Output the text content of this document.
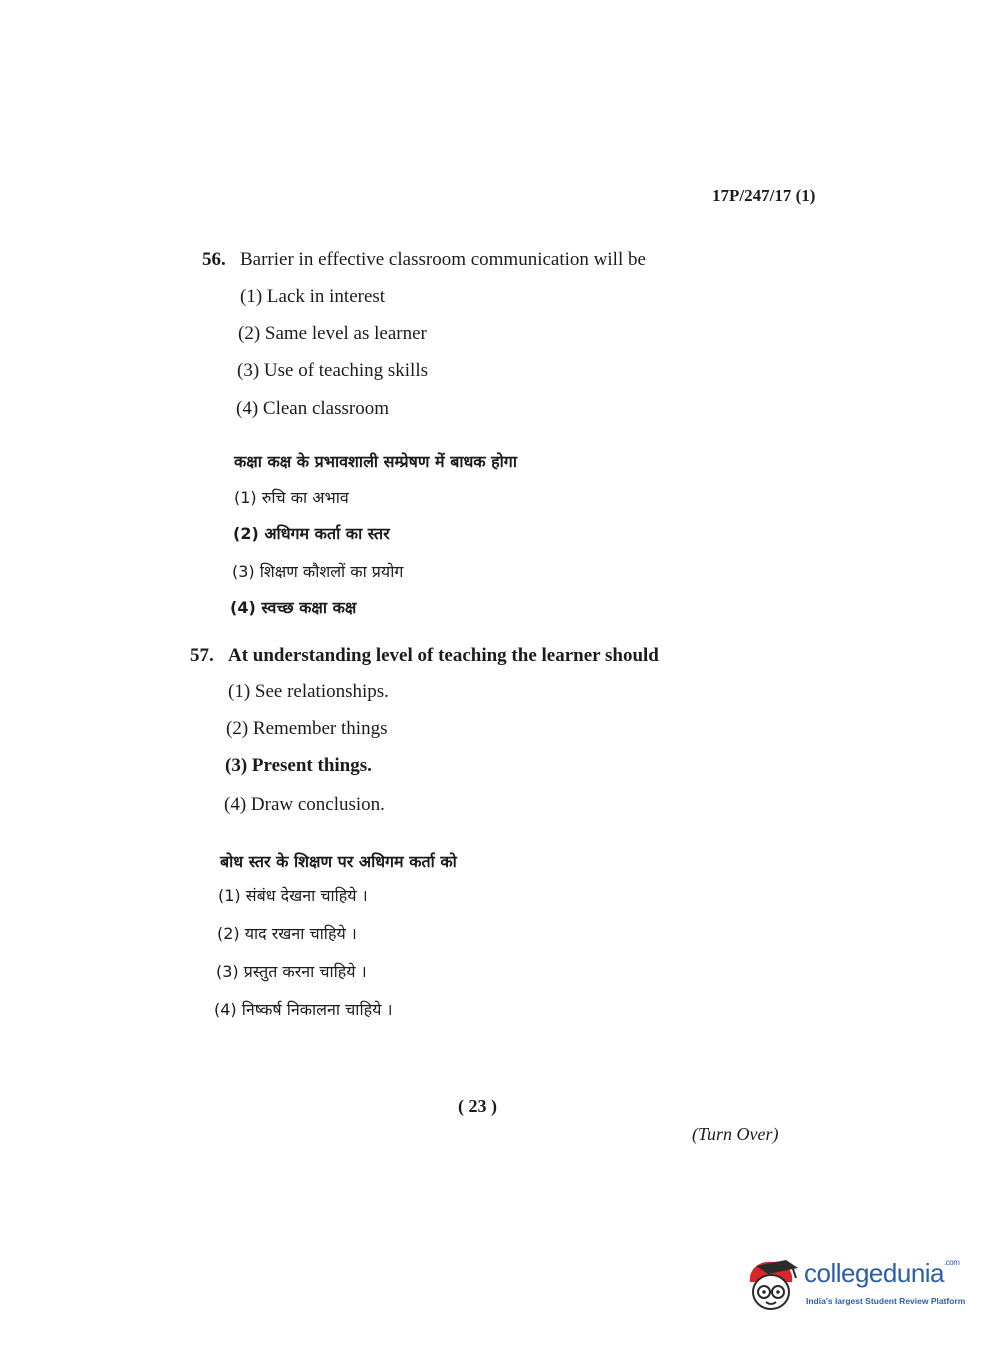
17P/247/17 (1)
56. Barrier in effective classroom communication will be
(1) Lack in interest
(2) Same level as learner
(3) Use of teaching skills
(4) Clean classroom
कक्षा कक्ष के प्रभावशाली सम्प्रेषण में बाधक होगा
(1) रुचि का अभाव
(2) अधिगम कर्ता का स्तर
(3) शिक्षण कौशलों का प्रयोग
(4) स्वच्छ कक्षा कक्ष
57. At understanding level of teaching the learner should
(1) See relationships.
(2) Remember things
(3) Present things.
(4) Draw conclusion.
बोध स्तर के शिक्षण पर अधिगम कर्ता को
(1) संबंध देखना चाहिये ।
(2) याद रखना चाहिये ।
(3) प्रस्तुत करना चाहिये ।
(4) निष्कर्ष निकालना चाहिये ।
( 23 )
(Turn Over)
collegedunia$^{.com}$
India's largest Student Review Platform
